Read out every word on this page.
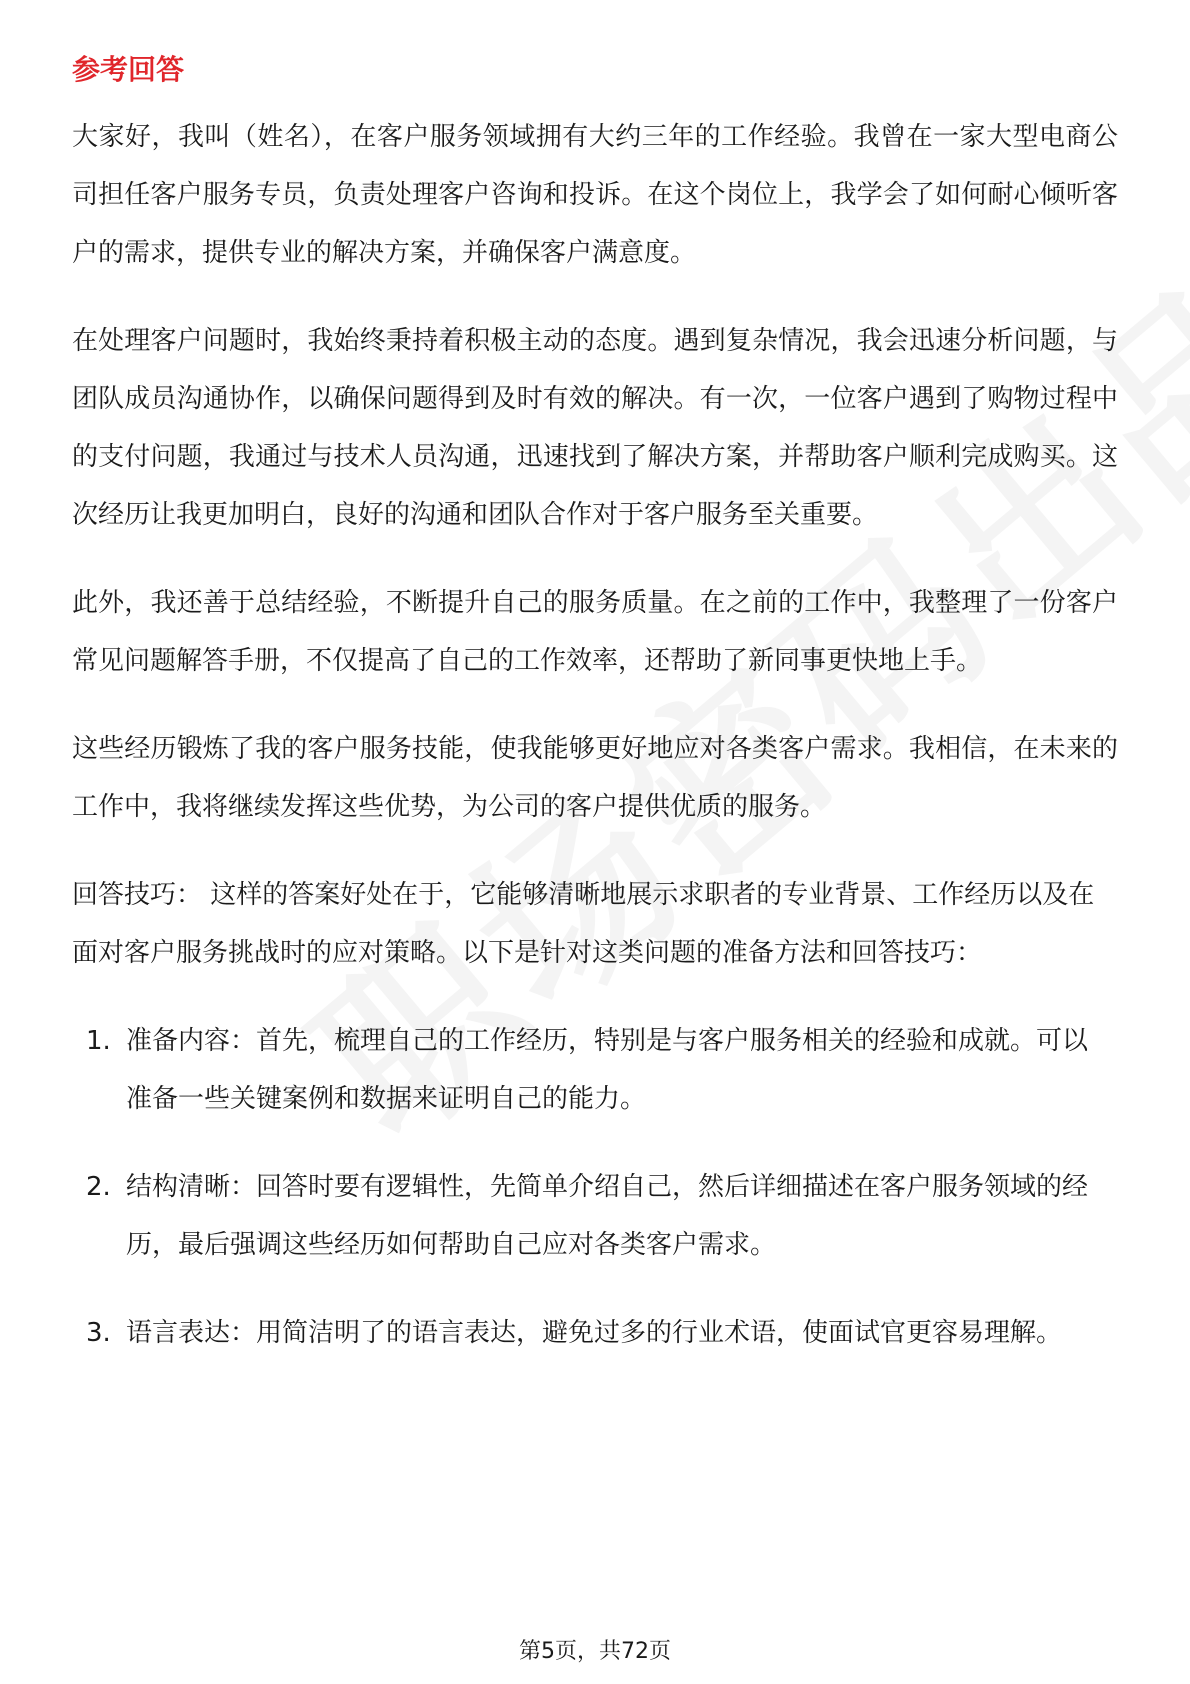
参考回答

大家好，我叫（姓名），在客户服务领域拥有大约三年的工作经验。我曾在一家大型电商公司担任客户服务专员，负责处理客户咨询和投诉。在这个岗位上，我学会了如何耐心倾听客户的需求，提供专业的解决方案，并确保客户满意度。

在处理客户问题时，我始终秉持着积极主动的态度。遇到复杂情况，我会迅速分析问题，与团队成员沟通协作，以确保问题得到及时有效的解决。有一次，一位客户遇到了购物过程中的支付问题，我通过与技术人员沟通，迅速找到了解决方案，并帮助客户顺利完成购买。这次经历让我更加明白，良好的沟通和团队合作对于客户服务至关重要。

此外，我还善于总结经验，不断提升自己的服务质量。在之前的工作中，我整理了一份客户常见问题解答手册，不仅提高了自己的工作效率，还帮助了新同事更快地上手。

这些经历锻炼了我的客户服务技能，使我能够更好地应对各类客户需求。我相信，在未来的工作中，我将继续发挥这些优势，为公司的客户提供优质的服务。

回答技巧： 这样的答案好处在于，它能够清晰地展示求职者的专业背景、工作经历以及在面对客户服务挑战时的应对策略。以下是针对这类问题的准备方法和回答技巧：

1. 准备内容：首先，梳理自己的工作经历，特别是与客户服务相关的经验和成就。可以准备一些关键案例和数据来证明自己的能力。
2. 结构清晰：回答时要有逻辑性，先简单介绍自己，然后详细描述在客户服务领域的经历，最后强调这些经历如何帮助自己应对各类客户需求。
3. 语言表达：用简洁明了的语言表达，避免过多的行业术语，使面试官更容易理解。
第5页，共72页
